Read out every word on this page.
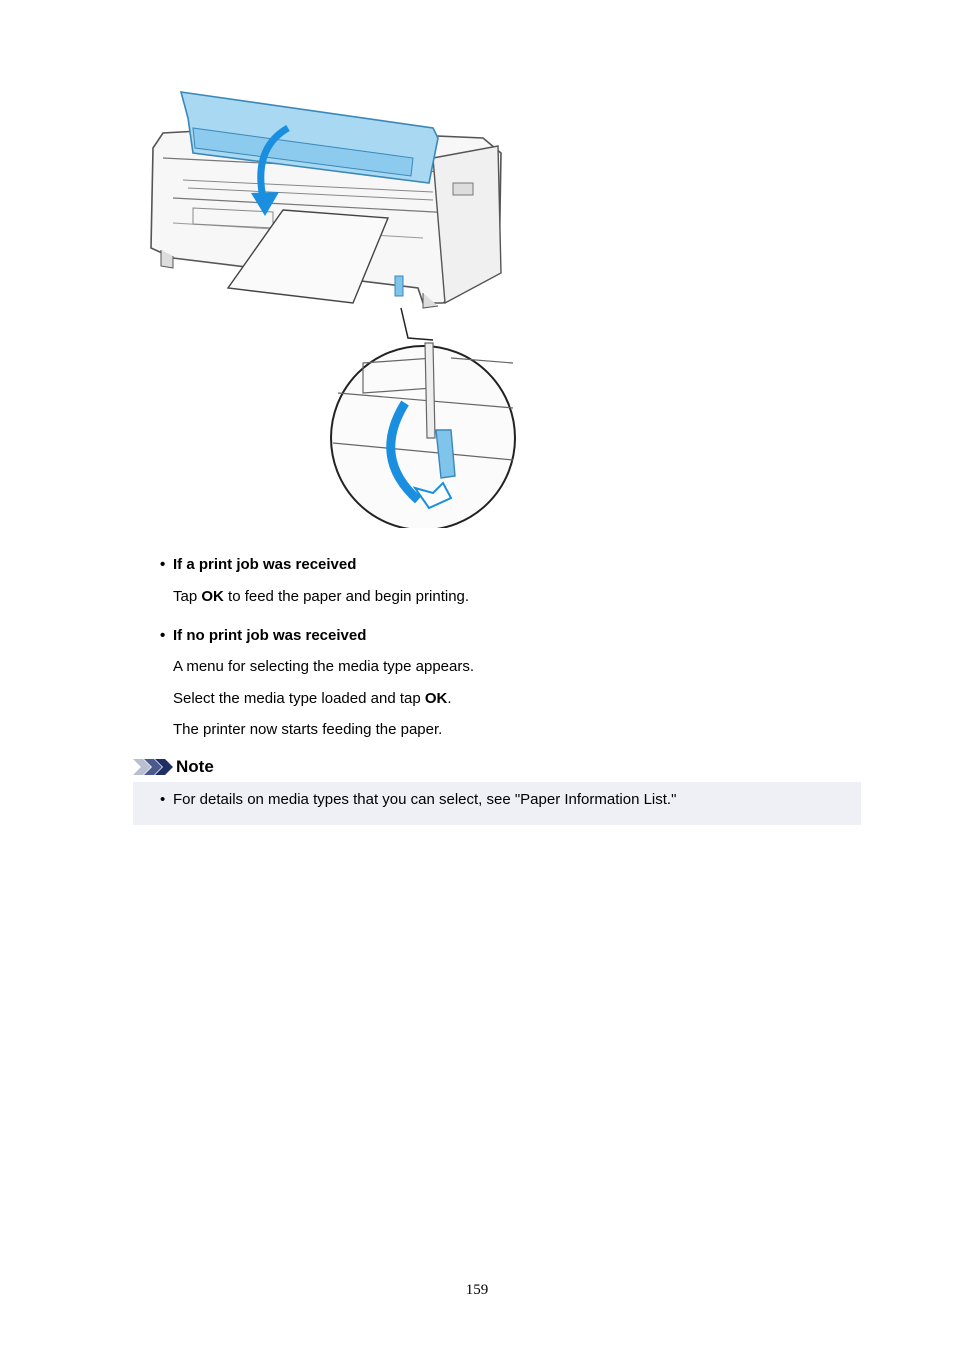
• If a print job was received
Tap OK to feed the paper and begin printing.
• If no print job was received
A menu for selecting the media type appears.
Select the media type loaded and tap OK.
The printer now starts feeding the paper.
Note
• For details on media types that you can select, see "Paper Information List."
159
